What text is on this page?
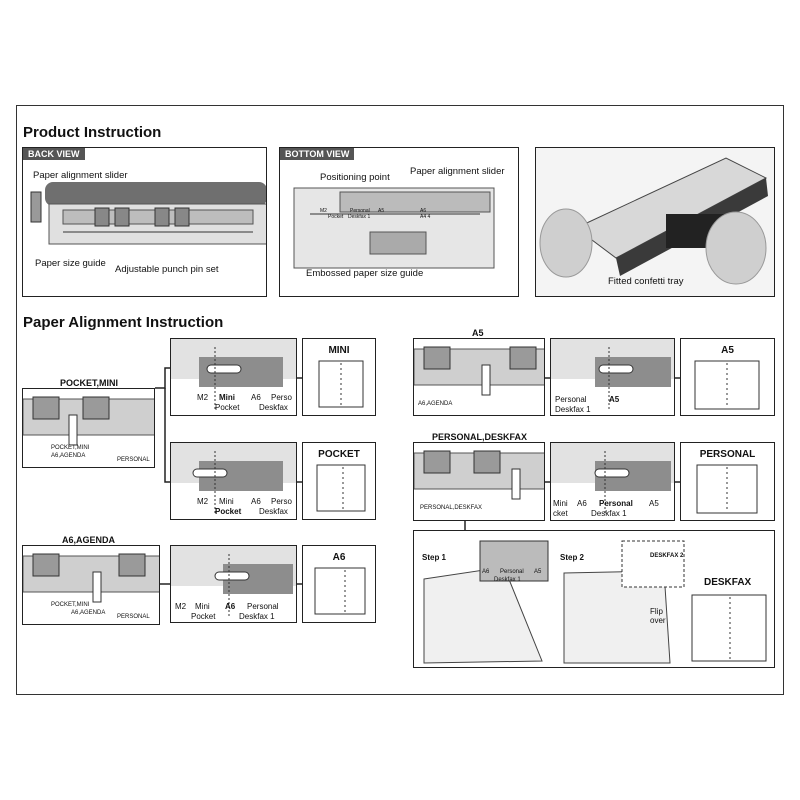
Product Instruction
Paper Alignment Instruction
BACK VIEW
Paper alignment slider
Paper size guide
Adjustable punch pin set
BOTTOM VIEW
Positioning point
Paper alignment slider
Embossed paper size guide
M2
Pocket
Personal
Deskfax 1
A5	A6
A4 4
Fitted confetti tray
POCKET,MINI
POCKET,MINI
A6,AGENDA
PERSONAL
M2 Mini A6 Perso
Pocket Deskfax
MINI
M2 Mini A6 Perso
Pocket Deskfax
POCKET
A6,AGENDA
POCKET,MINI
A6,AGENDA
PERSONAL
M2 Mini A6 Personal
Pocket	Deskfax 1
A6
A5
A6,AGENDA	Personal	A5
Deskfax 1
A5
PERSONAL,DESKFAX
PERSONAL,DESKFAX	Mini A6 Personal A5
cket	Deskfax 1
PERSONAL
Step 1	Step 2
A6 Personal A5
Deskfax 1
DESKFAX 2
Flip over
DESKFAX
